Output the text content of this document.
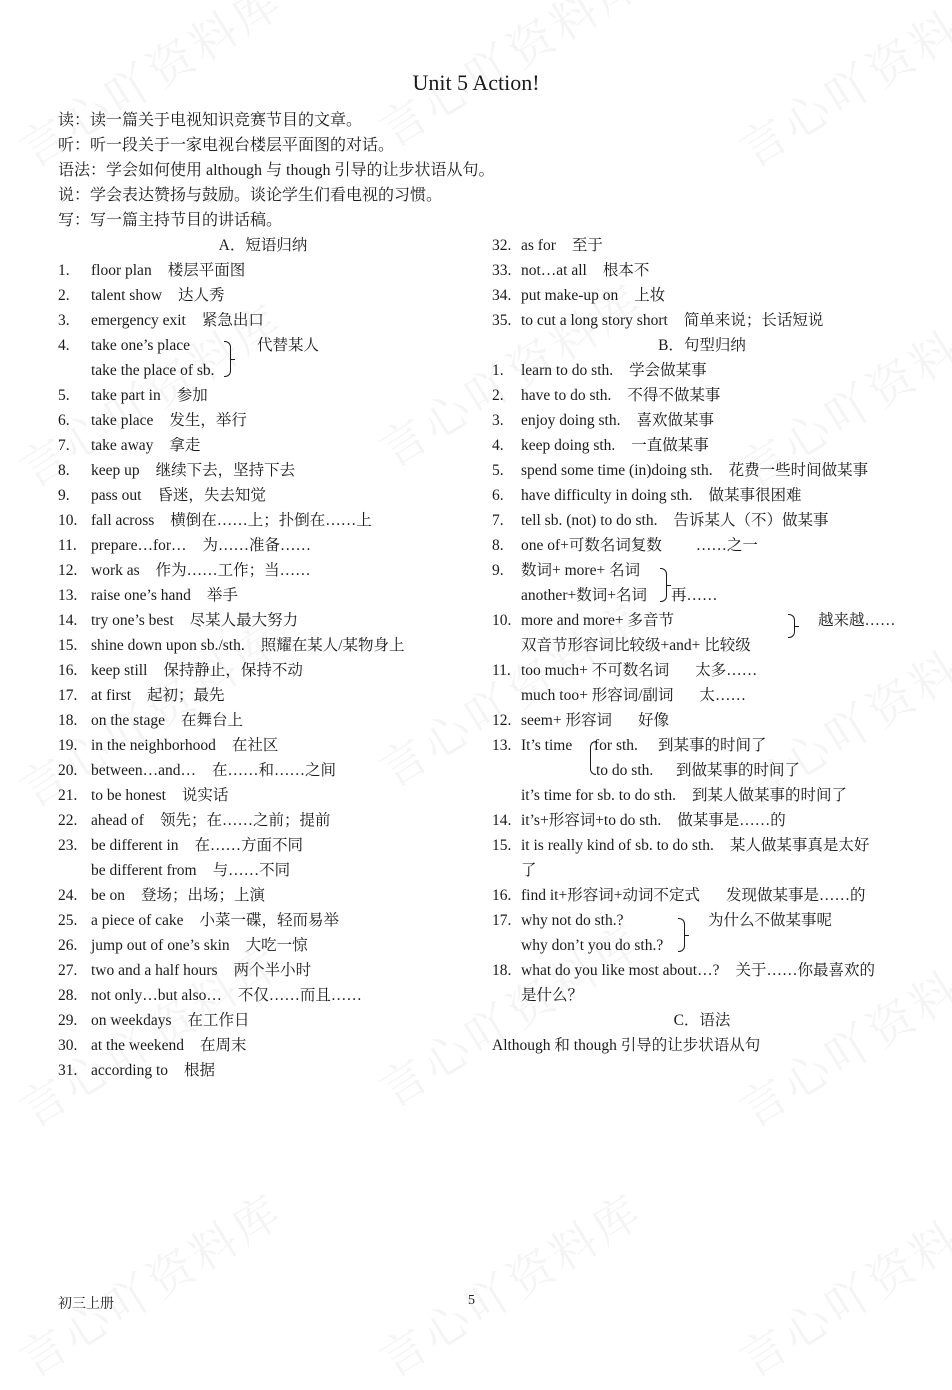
Unit 5 Action!
读：读一篇关于电视知识竞赛节目的文章。
听：听一段关于一家电视台楼层平面图的对话。
语法：学会如何使用 although 与 though 引导的让步状语从句。
说：学会表达赞扬与鼓励。谈论学生们看电视的习惯。
写：写一篇主持节目的讲话稿。
A．短语归纳
1. floor plan 楼层平面图
2. talent show 达人秀
3. emergency exit 紧急出口
4. take one’s place	代替某人
take the place of sb.
5. take part in 参加
6. take place 发生，举行
7. take away 拿走
8. keep up 继续下去，坚持下去
9. pass out 昏迷，失去知觉
10. fall across 横倒在……上；扑倒在……上
11. prepare…for… 为……准备……
12. work as 作为……工作；当……
13. raise one’s hand 举手
14. try one’s best 尽某人最大努力
15. shine down upon sb./sth. 照耀在某人/某物身上
16. keep still 保持静止，保持不动
17. at first 起初；最先
18. on the stage 在舞台上
19. in the neighborhood 在社区
20. between…and… 在……和……之间
21. to be honest 说实话
22. ahead of 领先；在……之前；提前
23. be different in 在……方面不同
be different from 与……不同
24. be on 登场；出场；上演
25. a piece of cake 小菜一碟，轻而易举
26. jump out of one’s skin 大吃一惊
27. two and a half hours 两个半小时
28. not only…but also… 不仅……而且……
29. on weekdays 在工作日
30. at the weekend 在周末
31. according to 根据
32. as for 至于
33. not…at all 根本不
34. put make-up on 上妆
35. to cut a long story short 简单来说；长话短说
B．句型归纳
1. learn to do sth. 学会做某事
2. have to do sth. 不得不做某事
3. enjoy doing sth. 喜欢做某事
4. keep doing sth. 一直做某事
5. spend some time (in)doing sth. 花费一些时间做某事
6. have difficulty in doing sth. 做某事很困难
7. tell sb. (not) to do sth. 告诉某人（不）做某事
8. one of+可数名词复数 ……之一
9. 数词+ more+ 名词
another+数词+名词 再……
10. more and more+ 多音节	越来越……
双音节形容词比较级+and+ 比较级
11. too much+ 不可数名词 太多……
much too+ 形容词/副词 太……
12. seem+ 形容词 好像
13. It’s time for sth. 到某事的时间了
to do sth. 到做某事的时间了
it’s time for sb. to do sth. 到某人做某事的时间了
14. it’s+形容词+to do sth. 做某事是……的
15. it is really kind of sb. to do sth. 某人做某事真是太好
了
16. find it+形容词+动词不定式 发现做某事是……的
17. why not do sth.?	为什么不做某事呢
why don’t you do sth.?
18. what do you like most about…? 关于……你最喜欢的
是什么？
C．语法
Although 和 though 引导的让步状语从句
初三上册	5
